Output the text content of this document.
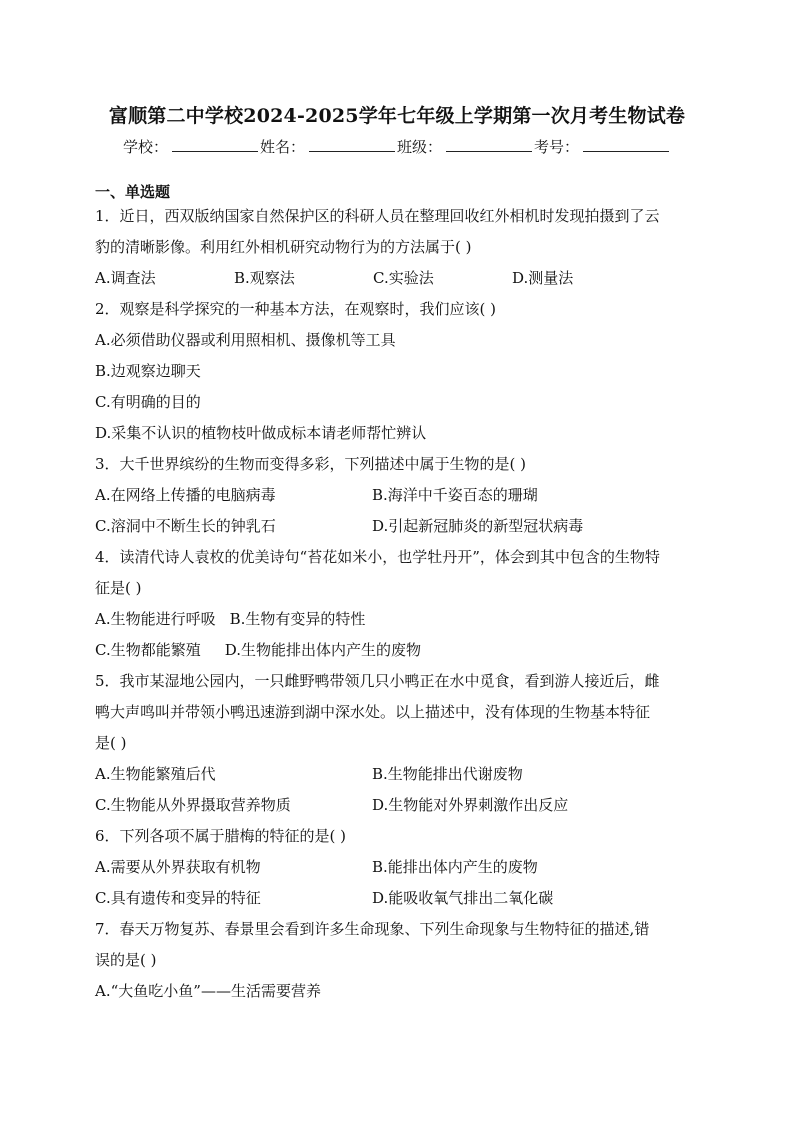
富顺第二中学校2024-2025学年七年级上学期第一次月考生物试卷
学校：	姓名：	班级：	考号：
一、单选题
1．近日，西双版纳国家自然保护区的科研人员在整理回收红外相机时发现拍摄到了云
豹的清晰影像。利用红外相机研究动物行为的方法属于( )
A.调查法	B.观察法	C.实验法	D.测量法
2．观察是科学探究的一种基本方法，在观察时，我们应该( )
A.必须借助仪器或利用照相机、摄像机等工具
B.边观察边聊天
C.有明确的目的
D.采集不认识的植物枝叶做成标本请老师帮忙辨认
3．大千世界缤纷的生物而变得多彩，下列描述中属于生物的是( )
A.在网络上传播的电脑病毒	B.海洋中千姿百态的珊瑚
C.溶洞中不断生长的钟乳石	D.引起新冠肺炎的新型冠状病毒
4．读清代诗人袁枚的优美诗句“苔花如米小，也学牡丹开”，体会到其中包含的生物特
征是( )
A.生物能进行呼吸 B.生物有变异的特性
C.生物都能繁殖 D.生物能排出体内产生的废物
5．我市某湿地公园内，一只雌野鸭带领几只小鸭正在水中觅食，看到游人接近后，雌
鸭大声鸣叫并带领小鸭迅速游到湖中深水处。以上描述中，没有体现的生物基本特征
是( )
A.生物能繁殖后代	B.生物能排出代谢废物
C.生物能从外界摄取营养物质	D.生物能对外界刺激作出反应
6．下列各项不属于腊梅的特征的是( )
A.需要从外界获取有机物	B.能排出体内产生的废物
C.具有遗传和变异的特征	D.能吸收氧气排出二氧化碳
7．春天万物复苏、春景里会看到许多生命现象、下列生命现象与生物特征的描述,错
误的是( )
A.“大鱼吃小鱼”——生活需要营养
